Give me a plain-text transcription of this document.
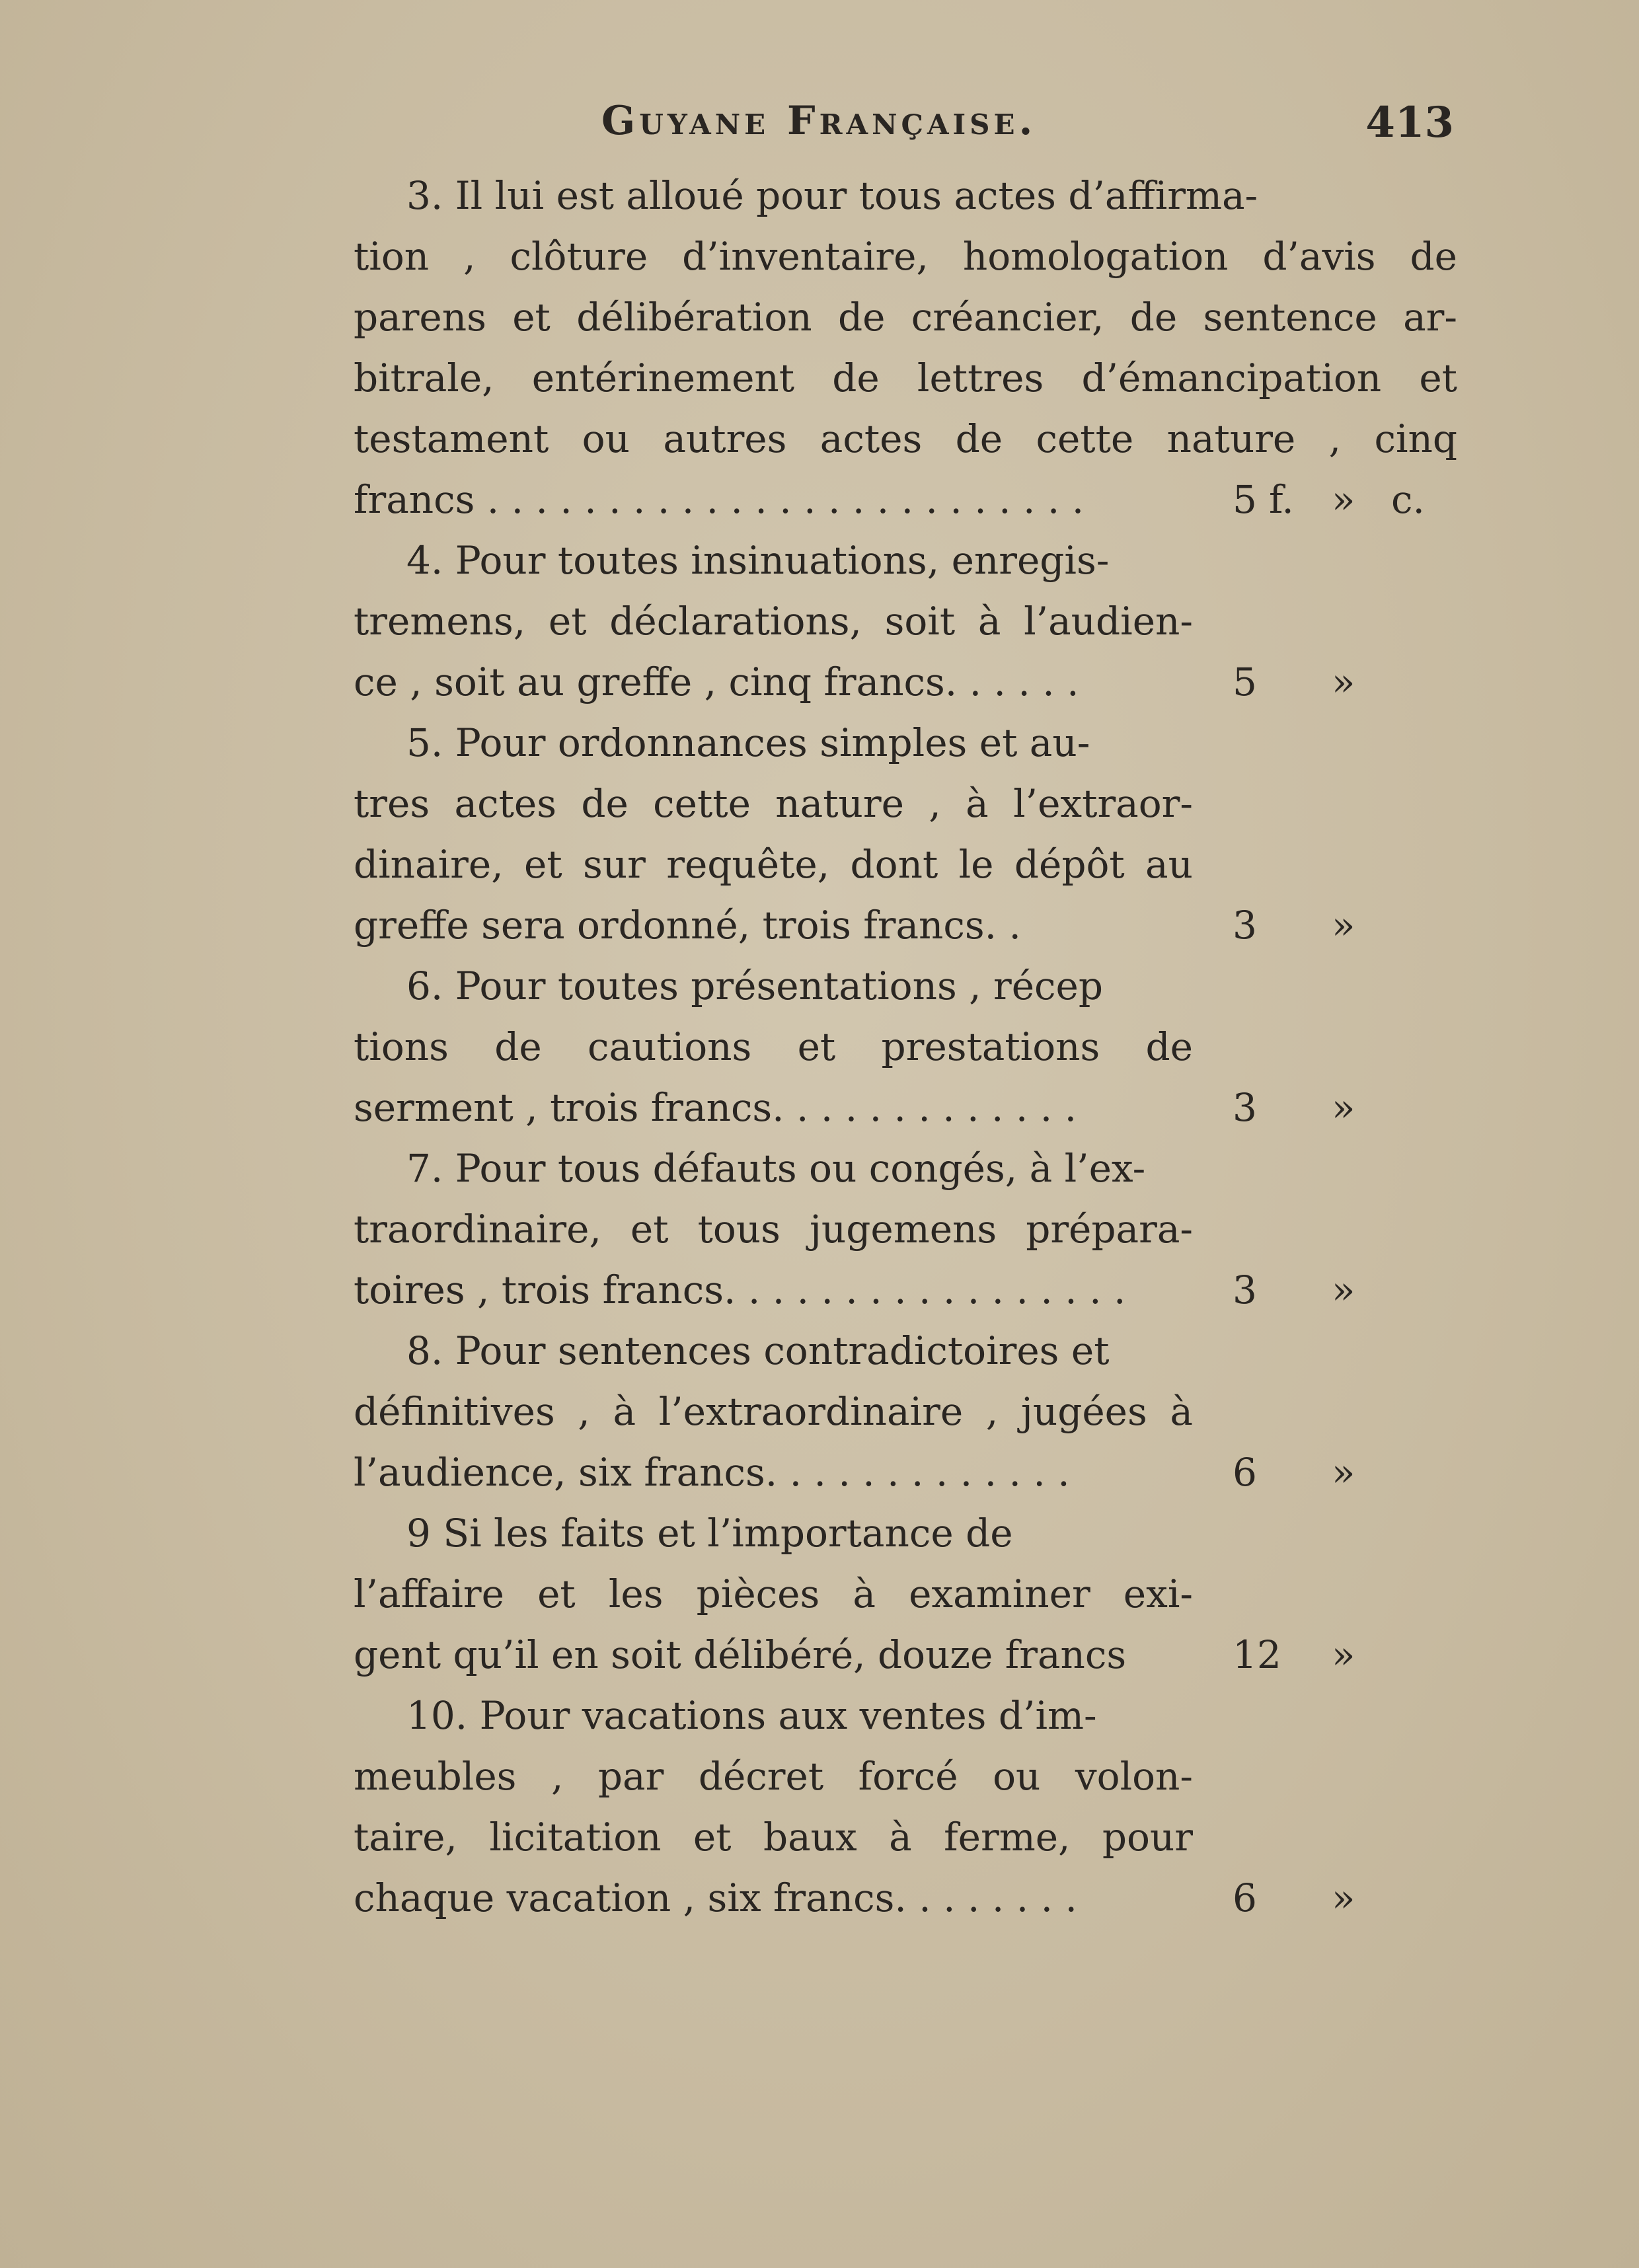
Guyane Française.	413
3. Il lui est alloué pour tous actes d’affirma-
tion , clôture d’inventaire, homologation d’avis de
parens et délibération de créancier, de sentence ar-
bitrale, entérinement de lettres d’émancipation et
testament ou autres actes de cette nature , cinq
francs . . . . . . . . . . . . . . . . . . . . . . . . .	5 f. » c.
4. Pour toutes insinuations, enregis-
tremens, et déclarations, soit à l’audien-
ce , soit au greffe , cinq francs. . . . . .	5 »
5. Pour ordonnances simples et au-
tres actes de cette nature , à l’extraor-
dinaire, et sur requête, dont le dépôt au
greffe sera ordonné, trois francs. .	3 »
6. Pour toutes présentations , récep
tions de cautions et prestations de
serment , trois francs. . . . . . . . . . . . .	3 »
7. Pour tous défauts ou congés, à l’ex-
traordinaire, et tous jugemens prépara-
toires , trois francs. . . . . . . . . . . . . . . . .	3 »
8. Pour sentences contradictoires et
définitives , à l’extraordinaire , jugées à
l’audience, six francs. . . . . . . . . . . . .	6 »
9 Si les faits et l’importance de
l’affaire et les pièces à examiner exi-
gent qu’il en soit délibéré, douze francs	12 »
10. Pour vacations aux ventes d’im-
meubles , par décret forcé ou volon-
taire, licitation et baux à ferme, pour
chaque vacation , six francs. . . . . . . .	6 »
